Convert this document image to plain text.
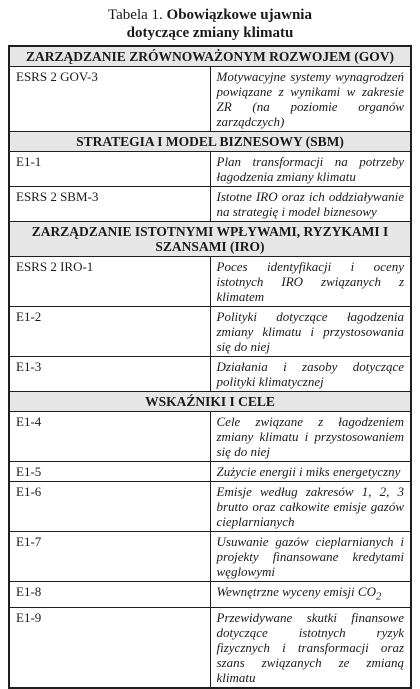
Tabela 1. Obowiązkowe ujawnia
dotyczące zmiany klimatu
ZARZĄDZANIE ZRÓWNOWAŻONYM ROZWOJEM (GOV)	
ESRS 2 GOV-3	Motywacyjne systemy wynagrodzeń powiązane z wynikami w zakresie ZR (na poziomie organów zarządczych)
STRATEGIA I MODEL BIZNESOWY (SBM)	
E1-1	Plan transformacji na potrzeby łagodzenia zmiany klimatu
ESRS 2 SBM-3	Istotne IRO oraz ich oddziaływanie na strategię i model biznesowy
ZARZĄDZANIE ISTOTNYMI WPŁYWAMI, RYZYKAMI I SZANSAMI (IRO)	
ESRS 2 IRO-1	Poces identyfikacji i oceny istotnych IRO związanych z klimatem
E1-2	Polityki dotyczące łagodzenia zmiany klimatu i przystosowania się do niej
E1-3	Działania i zasoby dotyczące polityki klimatycznej
WSKAŹNIKI I CELE	
E1-4	Cele związane z łagodzeniem zmiany klimatu i przystosowaniem się do niej
E1-5	Zużycie energii i miks energetyczny
E1-6	Emisje według zakresów 1, 2, 3 brutto oraz całkowite emisje gazów cieplarnianych
E1-7	Usuwanie gazów cieplarnianych i projekty finansowane kredytami węglowymi
E1-8	Wewnętrzne wyceny emisji $CO_2$
E1-9	Przewidywane skutki finansowe dotyczące istotnych ryzyk fizycznych i transformacji oraz szans związanych ze zmianą klimatu
